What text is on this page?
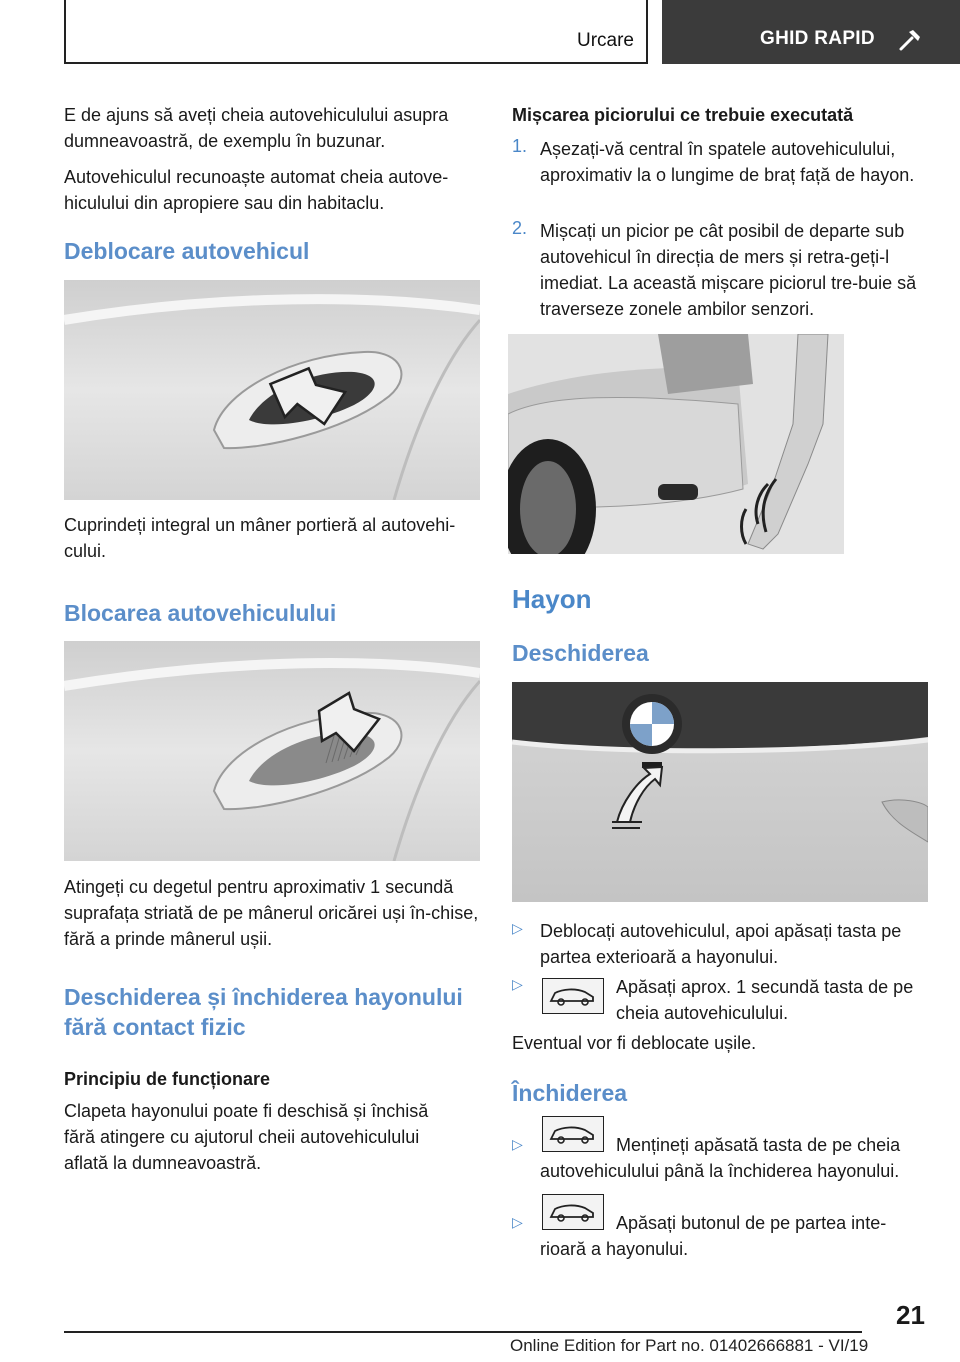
Urcare	GHID RAPID

E de ajuns să aveți cheia autovehiculului asupra dumneavoastră, de exemplu în buzunar.

Autovehiculul recunoaște automat cheia autove-hiculului din apropiere sau din habitaclu.

Deblocare autovehicul

Cuprindeți integral un mâner portieră al autovehi-cului.

Blocarea autovehiculului

Atingeți cu degetul pentru aproximativ 1 secundă suprafața striată de pe mânerul oricărei uși în-chise, fără a prinde mânerul ușii.

Deschiderea și închiderea hayonului fără contact fizic
Principiu de funcționare

Clapeta hayonului poate fi deschisă și închisă fără atingere cu ajutorul cheii autovehiculului aflată la dumneavoastră.

Mișcarea piciorului ce trebuie executată
1. Așezați-vă central în spatele autovehiculului, aproximativ la o lungime de braț față de hayon.

2. Mișcați un picior pe cât posibil de departe sub autovehicul în direcția de mers și retra-geți-l imediat. La această mișcare piciorul tre-buie să traverseze zonele ambilor senzori.

Hayon
Deschiderea
▷ Deblocați autovehiculul, apoi apăsați tasta pe partea exterioară a hayonului.

▷	Apăsați aprox. 1 secundă tasta de pe cheia autovehiculului.

Eventual vor fi deblocate ușile.

Închiderea
▷	Mențineți apăsată tasta de pe cheia autovehiculului până la închiderea hayonului.

▷	Apăsați butonul de pe partea inte-rioară a hayonului.

21
Online Edition for Part no. 01402666881 - VI/19
